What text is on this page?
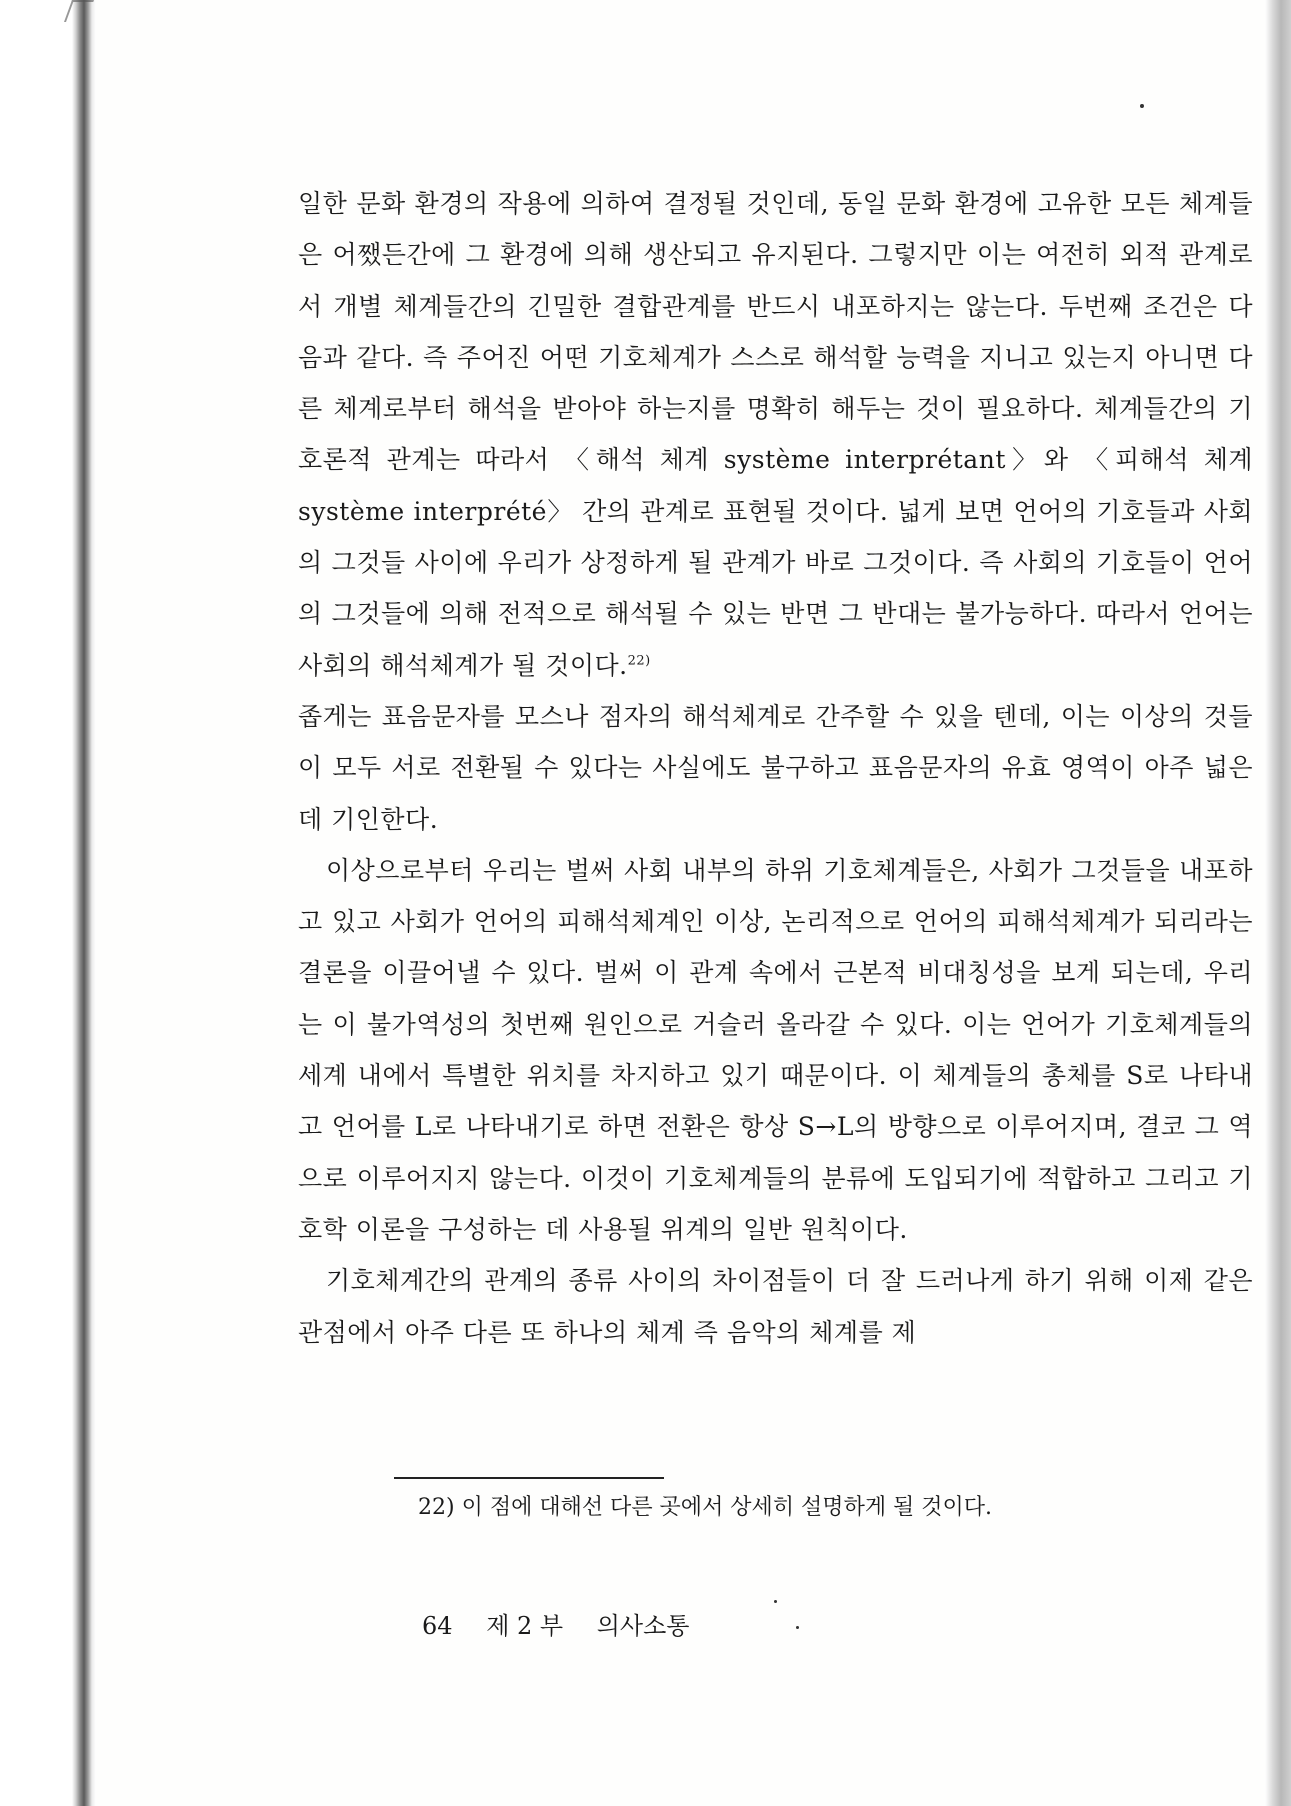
일한 문화 환경의 작용에 의하여 결정될 것인데, 동일 문화 환경에 고유한 모든 체계들은 어쨌든간에 그 환경에 의해 생산되고 유지된다. 그렇지만 이는 여전히 외적 관계로서 개별 체계들간의 긴밀한 결합관계를 반드시 내포하지는 않는다. 두번째 조건은 다음과 같다. 즉 주어진 어떤 기호체계가 스스로 해석할 능력을 지니고 있는지 아니면 다른 체계로부터 해석을 받아야 하는지를 명확히 해두는 것이 필요하다. 체계들간의 기호론적 관계는 따라서 〈해석 체계 système interprétant〉와 〈피해석 체계 système interprété〉 간의 관계로 표현될 것이다. 넓게 보면 언어의 기호들과 사회의 그것들 사이에 우리가 상정하게 될 관계가 바로 그것이다. 즉 사회의 기호들이 언어의 그것들에 의해 전적으로 해석될 수 있는 반면 그 반대는 불가능하다. 따라서 언어는 사회의 해석체계가 될 것이다.$^{22)}$

좁게는 표음문자를 모스나 점자의 해석체계로 간주할 수 있을 텐데, 이는 이상의 것들이 모두 서로 전환될 수 있다는 사실에도 불구하고 표음문자의 유효 영역이 아주 넓은 데 기인한다.

이상으로부터 우리는 벌써 사회 내부의 하위 기호체계들은, 사회가 그것들을 내포하고 있고 사회가 언어의 피해석체계인 이상, 논리적으로 언어의 피해석체계가 되리라는 결론을 이끌어낼 수 있다. 벌써 이 관계 속에서 근본적 비대칭성을 보게 되는데, 우리는 이 불가역성의 첫번째 원인으로 거슬러 올라갈 수 있다. 이는 언어가 기호체계들의 세계 내에서 특별한 위치를 차지하고 있기 때문이다. 이 체계들의 총체를 S로 나타내고 언어를 L로 나타내기로 하면 전환은 항상 S→L의 방향으로 이루어지며, 결코 그 역으로 이루어지지 않는다. 이것이 기호체계들의 분류에 도입되기에 적합하고 그리고 기호학 이론을 구성하는 데 사용될 위계의 일반 원칙이다.

기호체계간의 관계의 종류 사이의 차이점들이 더 잘 드러나게 하기 위해 이제 같은 관점에서 아주 다른 또 하나의 체계 즉 음악의 체계를 제

22) 이 점에 대해선 다른 곳에서 상세히 설명하게 될 것이다.
64 제 2 부 의사소통
